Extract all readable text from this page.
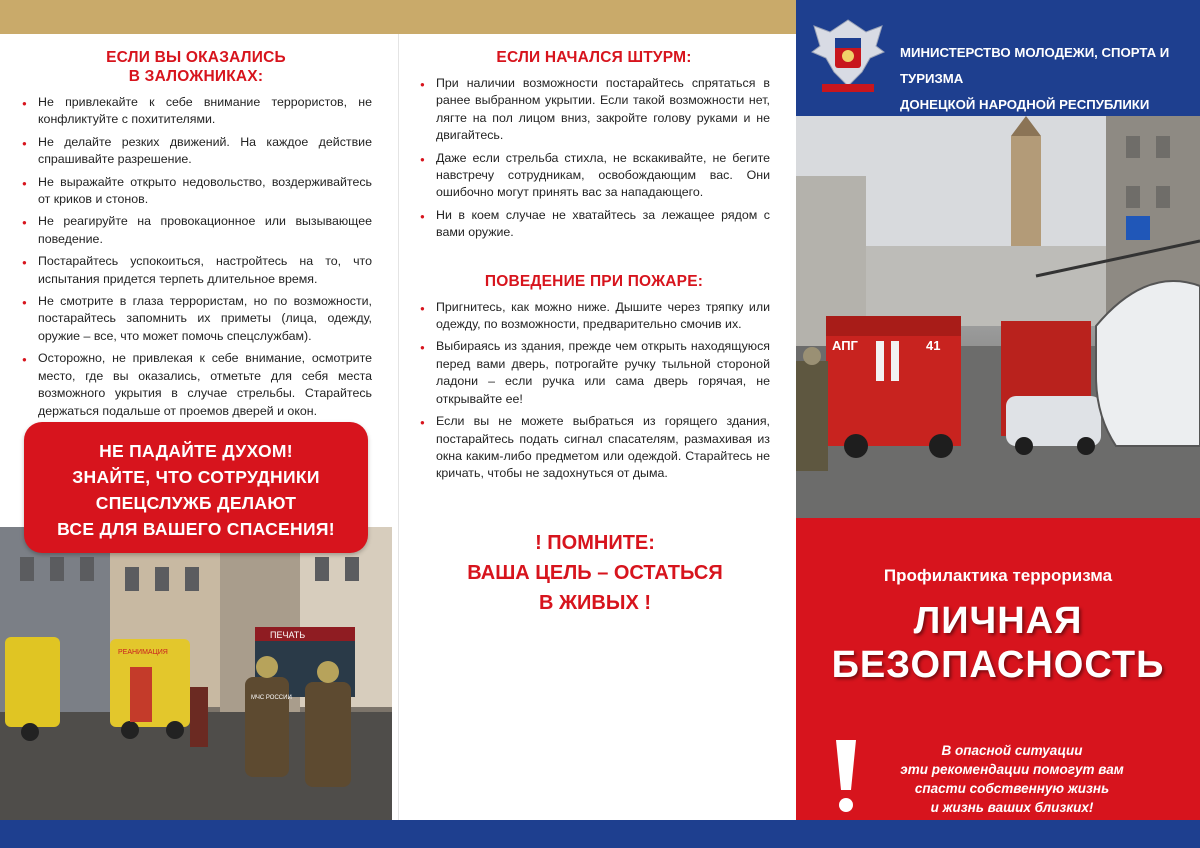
ЕСЛИ ВЫ ОКАЗАЛИСЬ
В ЗАЛОЖНИКАХ:
● Не привлекайте к себе внимание террористов, не конфликтуйте с похитителями.
● Не делайте резких движений. На каждое действие спрашивайте разрешение.
● Не выражайте открыто недовольство, воздерживайтесь от криков и стонов.
● Не реагируйте на провокационное или вызывающее поведение.
● Постарайтесь успокоиться, настройтесь на то, что испытания придется терпеть длительное время.
● Не смотрите в глаза террористам, но по возможности, постарайтесь запомнить их приметы (лица, одежду, оружие – все, что может помочь спецслужбам).
● Осторожно, не привлекая к себе внимание, осмотрите место, где вы оказались, отметьте для себя места возможного укрытия в случае стрельбы. Старайтесь держаться подальше от проемов дверей и окон.
НЕ ПАДАЙТЕ ДУХОМ!
ЗНАЙТЕ, ЧТО СОТРУДНИКИ
СПЕЦСЛУЖБ ДЕЛАЮТ
ВСЕ ДЛЯ ВАШЕГО СПАСЕНИЯ!
ПЕЧАТЬ
РЕАНИМАЦИЯ
МЧС РОССИИ
ЕСЛИ НАЧАЛСЯ ШТУРМ:
● При наличии возможности постарайтесь спрятаться в ранее выбранном укрытии. Если такой возможности нет, лягте на пол лицом вниз, закройте голову руками и не двигайтесь.
● Даже если стрельба стихла, не вскакивайте, не бегите навстречу сотрудникам, освобождающим вас. Они ошибочно могут принять вас за нападающего.
● Ни в коем случае не хватайтесь за лежащее рядом с вами оружие.
ПОВЕДЕНИЕ ПРИ ПОЖАРЕ:
● Пригнитесь, как можно ниже. Дышите через тряпку или одежду, по возможности, предварительно смочив их.
● Выбираясь из здания, прежде чем открыть находящуюся перед вами дверь, потрогайте ручку тыльной стороной ладони – если ручка или сама дверь горячая, не открывайте ее!
● Если вы не можете выбраться из горящего здания, постарайтесь подать сигнал спасателям, размахивая из окна каким-либо предметом или одеждой. Старайтесь не кричать, чтобы не задохнуться от дыма.
! ПОМНИТЕ:
ВАША ЦЕЛЬ – ОСТАТЬСЯ
В ЖИВЫХ !
МИНИСТЕРСТВО МОЛОДЕЖИ, СПОРТА И ТУРИЗМА
ДОНЕЦКОЙ НАРОДНОЙ РЕСПУБЛИКИ
АПГ	41
Профилактика терроризма
ЛИЧНАЯ
БЕЗОПАСНОСТЬ
В опасной ситуации
эти рекомендации помогут вам
спасти собственную жизнь
и жизнь ваших близких!
